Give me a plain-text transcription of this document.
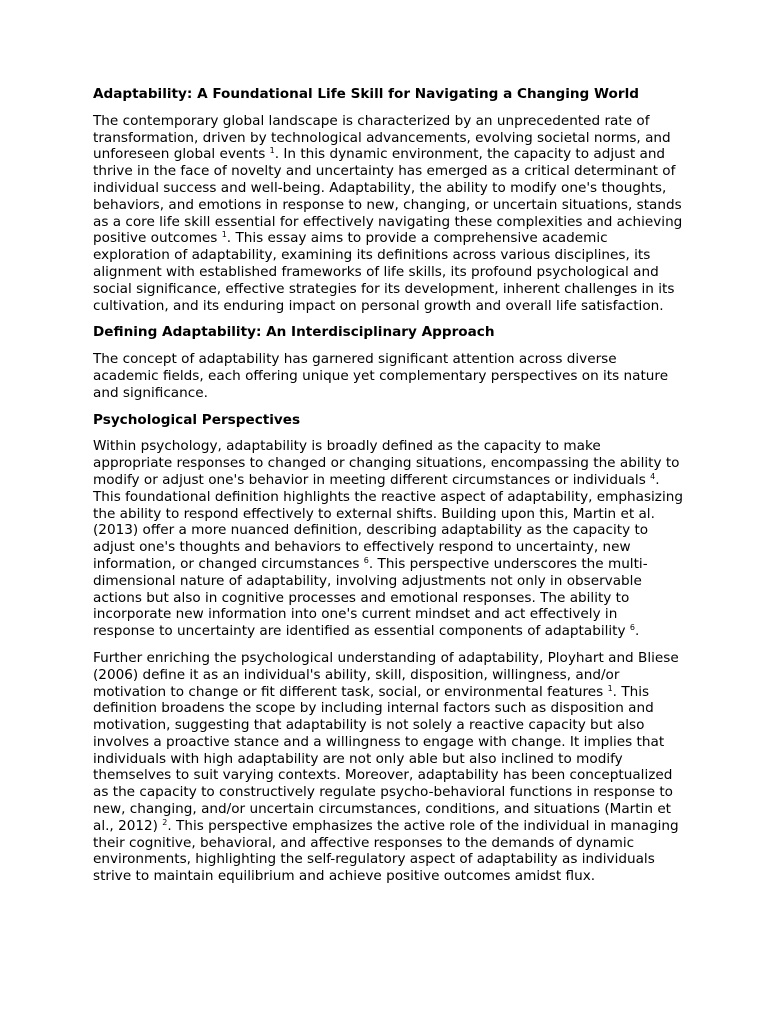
Adaptability: A Foundational Life Skill for Navigating a Changing World

The contemporary global landscape is characterized by an unprecedented rate of transformation, driven by technological advancements, evolving societal norms, and unforeseen global events $^1$. In this dynamic environment, the capacity to adjust and thrive in the face of novelty and uncertainty has emerged as a critical determinant of individual success and well-being. Adaptability, the ability to modify one's thoughts, behaviors, and emotions in response to new, changing, or uncertain situations, stands as a core life skill essential for effectively navigating these complexities and achieving positive outcomes $^1$. This essay aims to provide a comprehensive academic exploration of adaptability, examining its definitions across various disciplines, its alignment with established frameworks of life skills, its profound psychological and social significance, effective strategies for its development, inherent challenges in its cultivation, and its enduring impact on personal growth and overall life satisfaction.

Defining Adaptability: An Interdisciplinary Approach

The concept of adaptability has garnered significant attention across diverse academic fields, each offering unique yet complementary perspectives on its nature and significance.

Psychological Perspectives

Within psychology, adaptability is broadly defined as the capacity to make appropriate responses to changed or changing situations, encompassing the ability to modify or adjust one's behavior in meeting different circumstances or individuals $^4$. This foundational definition highlights the reactive aspect of adaptability, emphasizing the ability to respond effectively to external shifts. Building upon this, Martin et al. (2013) offer a more nuanced definition, describing adaptability as the capacity to adjust one's thoughts and behaviors to effectively respond to uncertainty, new information, or changed circumstances $^6$. This perspective underscores the multi-dimensional nature of adaptability, involving adjustments not only in observable actions but also in cognitive processes and emotional responses. The ability to incorporate new information into one's current mindset and act effectively in response to uncertainty are identified as essential components of adaptability $^6$.

Further enriching the psychological understanding of adaptability, Ployhart and Bliese (2006) define it as an individual's ability, skill, disposition, willingness, and/or motivation to change or fit different task, social, or environmental features $^1$. This definition broadens the scope by including internal factors such as disposition and motivation, suggesting that adaptability is not solely a reactive capacity but also involves a proactive stance and a willingness to engage with change. It implies that individuals with high adaptability are not only able but also inclined to modify themselves to suit varying contexts. Moreover, adaptability has been conceptualized as the capacity to constructively regulate psycho-behavioral functions in response to new, changing, and/or uncertain circumstances, conditions, and situations (Martin et al., 2012) $^2$. This perspective emphasizes the active role of the individual in managing their cognitive, behavioral, and affective responses to the demands of dynamic environments, highlighting the self-regulatory aspect of adaptability as individuals strive to maintain equilibrium and achieve positive outcomes amidst flux.
